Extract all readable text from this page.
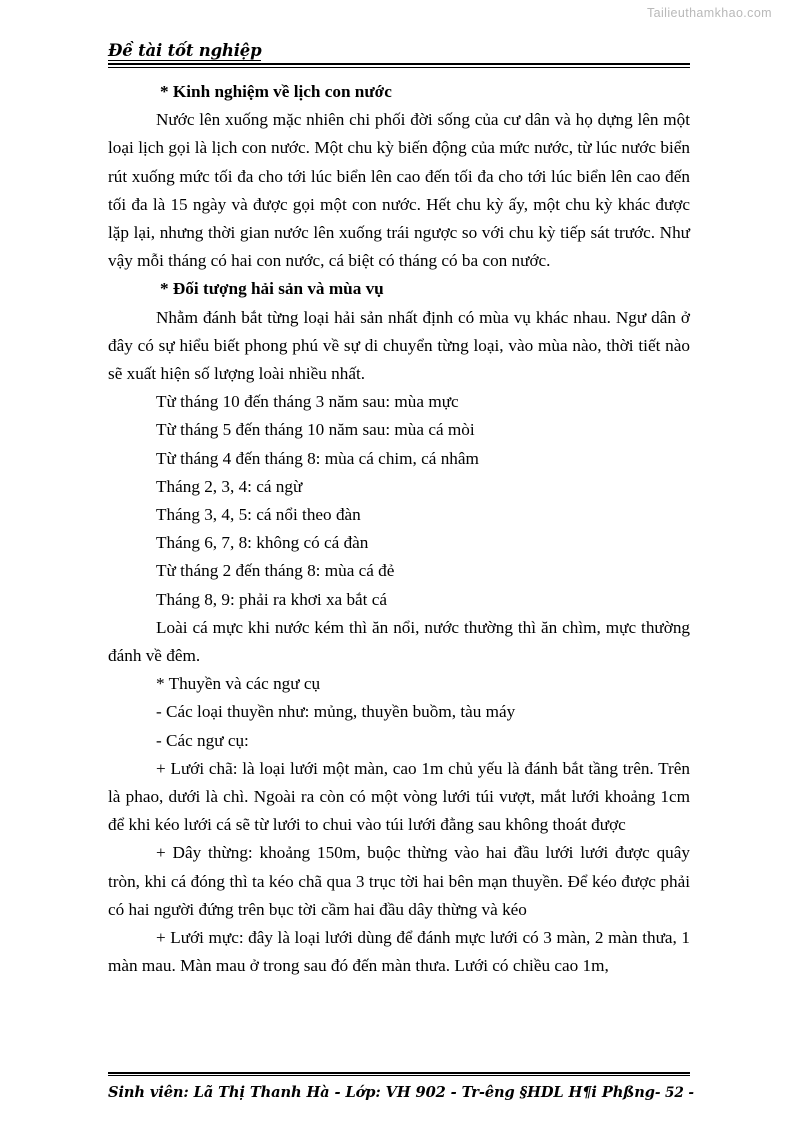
Tailieuthamkhao.com
Đề tài tốt nghiệp

* Kinh nghiệm về lịch con nước

Nước lên xuống mặc nhiên chi phối đời sống của cư dân và họ dựng lên một loại lịch gọi là lịch con nước. Một chu kỳ biến động của mức nước, từ lúc nước biển rút xuống mức tối đa cho tới lúc biển lên cao đến tối đa cho tới lúc biển lên cao đến tối đa là 15 ngày và được gọi một con nước. Hết chu kỳ ấy, một chu kỳ khác được lặp lại, nhưng thời gian nước lên xuống trái ngược so với chu kỳ tiếp sát trước. Như vậy mỗi tháng có hai con nước, cá biệt có tháng có ba con nước.

* Đối tượng hải sản và mùa vụ

Nhằm đánh bắt từng loại hải sản nhất định có mùa vụ khác nhau. Ngư dân ở đây có sự hiểu biết phong phú về sự di chuyển từng loại, vào mùa nào, thời tiết nào sẽ xuất hiện số lượng loài nhiều nhất.

Từ tháng 10 đến tháng 3 năm sau: mùa mực

Từ tháng 5 đến tháng 10 năm sau: mùa cá mòi

Từ tháng 4 đến tháng 8: mùa cá chim, cá nhâm

Tháng 2, 3, 4: cá ngừ

Tháng 3, 4, 5: cá nổi theo đàn

Tháng 6, 7, 8: không có cá đàn

Từ tháng 2 đến tháng 8: mùa cá đẻ

Tháng 8, 9: phải ra khơi xa bắt cá

Loài cá mực khi nước kém thì ăn nổi, nước thường thì ăn chìm, mực thường đánh về đêm.

* Thuyền và các ngư cụ

- Các loại thuyền như: mủng, thuyền buồm, tàu máy

- Các ngư cụ:

+ Lưới chã: là loại lưới một màn, cao 1m chủ yếu là đánh bắt tầng trên. Trên là phao, dưới là chì. Ngoài ra còn có một vòng lưới túi vượt, mắt lưới khoảng 1cm để khi kéo lưới cá sẽ từ lưới to chui vào túi lưới đằng sau không thoát được

+ Dây thừng: khoảng 150m, buộc thừng vào hai đầu lưới lưới được quây tròn, khi cá đóng thì ta kéo chã qua 3 trục tời hai bên mạn thuyền. Để kéo được phải có hai người đứng trên bục tời cầm hai đầu dây thừng và kéo

+ Lưới mực: đây là loại lưới dùng để đánh mực lưới có 3 màn, 2 màn thưa, 1 màn mau. Màn mau ở trong sau đó đến màn thưa. Lưới có chiều cao 1m,

Sinh viên: Lã Thị Thanh Hà - Lớp: VH 902 - Tr-êng §HDL H¶i Phßng - 52 -
